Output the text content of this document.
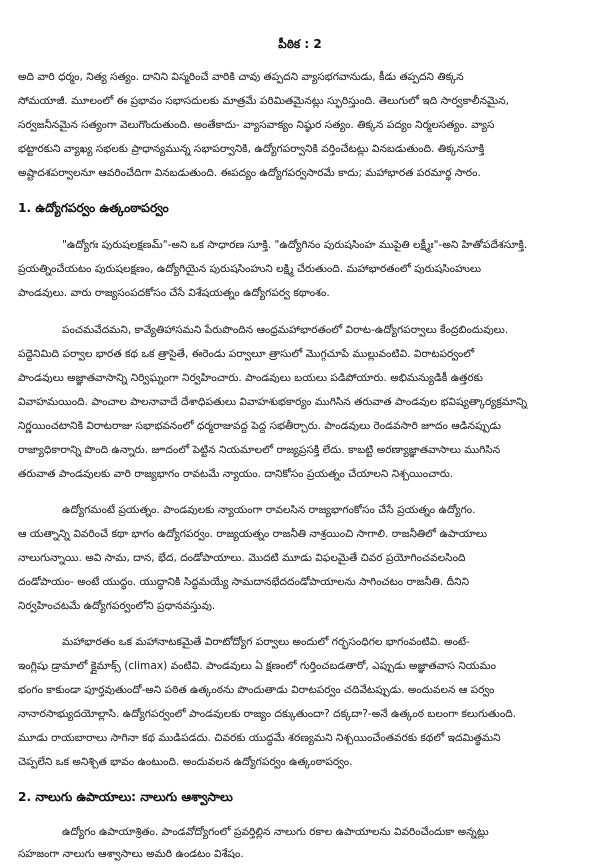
పీఠిక : 2
అది వారి ధర్మం, నిత్య సత్యం. దానిని విస్మరించే వారికి చావు తప్పదని వ్యాసభగవానుడు, కీడు తప్పదని తిక్కన
సోమయాజీ. మూలంలో ఈ ప్రభావం సభాసదులకు మాత్రమే పరిమితమైనట్లు స్ఫురిస్తుంది. తెలుగులో ఇది సార్వకాలీనమైన,
సర్వజనీనమైన సత్యంగా వెలుగొందుతుంది. అంతేకాదు- వ్యాసవాక్యం నిష్ఠుర సత్యం. తిక్కన పద్యం నిర్మలసత్యం. వ్యాస
భట్టారకుని వ్యాఖ్య సభలకు ప్రాధాన్యమున్న సభాపర్వానికి, ఉద్యోగపర్వానికి వర్తించేటట్లు వినబడుతుంది. తిక్కనసూక్తి
అష్టాదశపర్వాలనూ ఆవరించేదిగా వినబడుతుంది. ఈపద్యం ఉద్యోగపర్వసారమే కాదు; మహాభారత పరమార్థ సారం.
1. ఉద్యోగపర్వం ఉత్కంఠాపర్వం
"ఉద్యోగః పురుషలక్షణమ్"-అని ఒక సాధారణ సూక్తి. "ఉద్యోగినం పురుషసింహ ముపైతి లక్ష్మీః"-అని హితోపదేశసూక్తి.
ప్రయత్నించేయటం పురుషలక్షణం, ఉద్యోగియైన పురుషసింహుని లక్ష్మి చేరుతుంది. మహాభారతంలో పురుషసింహులు
పాండవులు. వారు రాజ్యసంపదకోసం చేసే విశేషయత్నం ఉద్యోగపర్వ కథాంశం.
పంచమవేదమని, కావ్యేతిహాసమని పేరుపొందిన ఆంధ్రమహాభారతంలో విరాట-ఉద్యోగపర్వాలు కేంద్రబిందువులు.
పద్దెనిమిది పర్వాల భారత కథ ఒక త్రాసైతే, ఈరెండు పర్వాలూ త్రాసులో మొగ్గచూపే ముల్లువంటివి. విరాటపర్వంలో
పాండవులు అజ్ఞాతవాసాన్ని నిర్విఘ్నంగా నిర్వహించారు. పాండవులు బయలు పడిపోయారు. అభిమన్యుడికీ ఉత్తరకు
వివాహమయింది. పాంచాల పాలనావాదే దేశాధిపతులు వివాహశుభకార్యం ముగిసిన తరువాత పాండవుల భవిష్యత్కార్యక్రమాన్ని
నిర్ణయించటానికి విరాటరాజు సభాభవనంలో ధర్మరాజువద్ద పెద్ద సభతీర్చారు. పాండవులు రెండవసారి జూదం ఆడినప్పుడు
రాజ్యాధికారాన్ని పొంది ఉన్నారు. జూదంలో పెట్టిన నియమాలలో రాజ్యప్రసక్తి లేదు. కాబట్టి అరణ్యాజ్ఞాతవాసాలు ముగిసిన
తరువాత పాండవులకు వారి రాజ్యభాగం రావటమే న్యాయం. దానికోసం ప్రయత్నం చేయాలని నిశ్చయించారు.
ఉద్యోగమంటే ప్రయత్నం. పాండవులకు న్యాయంగా రావలసిన రాజ్యభాగంకోసం చేసే ప్రయత్నం ఉద్యోగం.
ఆ యత్నాన్ని వివరించే కథా భాగం ఉద్యోగపర్వం. రాజ్యయత్నం రాజనీతి నాశ్రయించి సాగాలి. రాజనీతిలో ఉపాయాలు
నాలుగున్నాయి. అవి సామ, దాన, భేద, దండోపాయాలు. మొదటి మూడు విఫలమైతే చివర ప్రయోగించవలసింది
దండోపాయం- అంటే యుద్ధం. యుద్ధానికి సిద్ధమయ్యే సామదానభేదదండోపాయాలను సాగించటం రాజనీతి. దీనిని
నిర్వహించటమే ఉద్యోగపర్వంలోని ప్రధానవస్తువు.
మహాభారతం ఒక మహానాటకమైతే విరాటోద్యోగ పర్వాలు అందులో గర్భసంధిగల భాగంవంటివి. అంటే-
ఇంగ్లిషు డ్రామాలో క్లైమాక్స్ (climax) వంటివి. పాండవులు ఏ క్షణంలో గుర్తించబడతారో, ఎప్పుడు అజ్ఞాతవాస నియమం
భంగం కాకుండా పూర్తవుతుందో-అని పఠిత ఉత్కంఠను పొందుతాడు విరాటపర్వం చదివేటప్పుడు. అందువలన ఆ పర్వం
నానారసాభ్యుదయోల్లాసి. ఉద్యోగపర్వంలో పాండవులకు రాజ్యం దక్కుతుందా? దక్కదా?-అనే ఉత్కంఠ బలంగా కలుగుతుంది.
మూడు రాయబారాలు సాగినా కథ ముడిపడదు. చివరకు యుద్ధమే శరణ్యమని నిశ్చయించేంతవరకు కథలో ఇదమిత్థమని
చెప్పలేని ఒక అనిశ్చిత భావం ఉంటుంది. అందువలన ఉద్యోగపర్వం ఉత్కంఠాపర్వం.
2. నాలుగు ఉపాయాలు: నాలుగు ఆశ్వాసాలు
ఉద్యోగం ఉపాయాశ్రితం. పాండవోద్యోగంలో ప్రవర్తిల్లిన నాలుగు రకాల ఉపాయాలను వివరించేందుకా అన్నట్లు
సహజంగా నాలుగు ఆశ్వాసాలు అమరి ఉండటం విశేషం.
